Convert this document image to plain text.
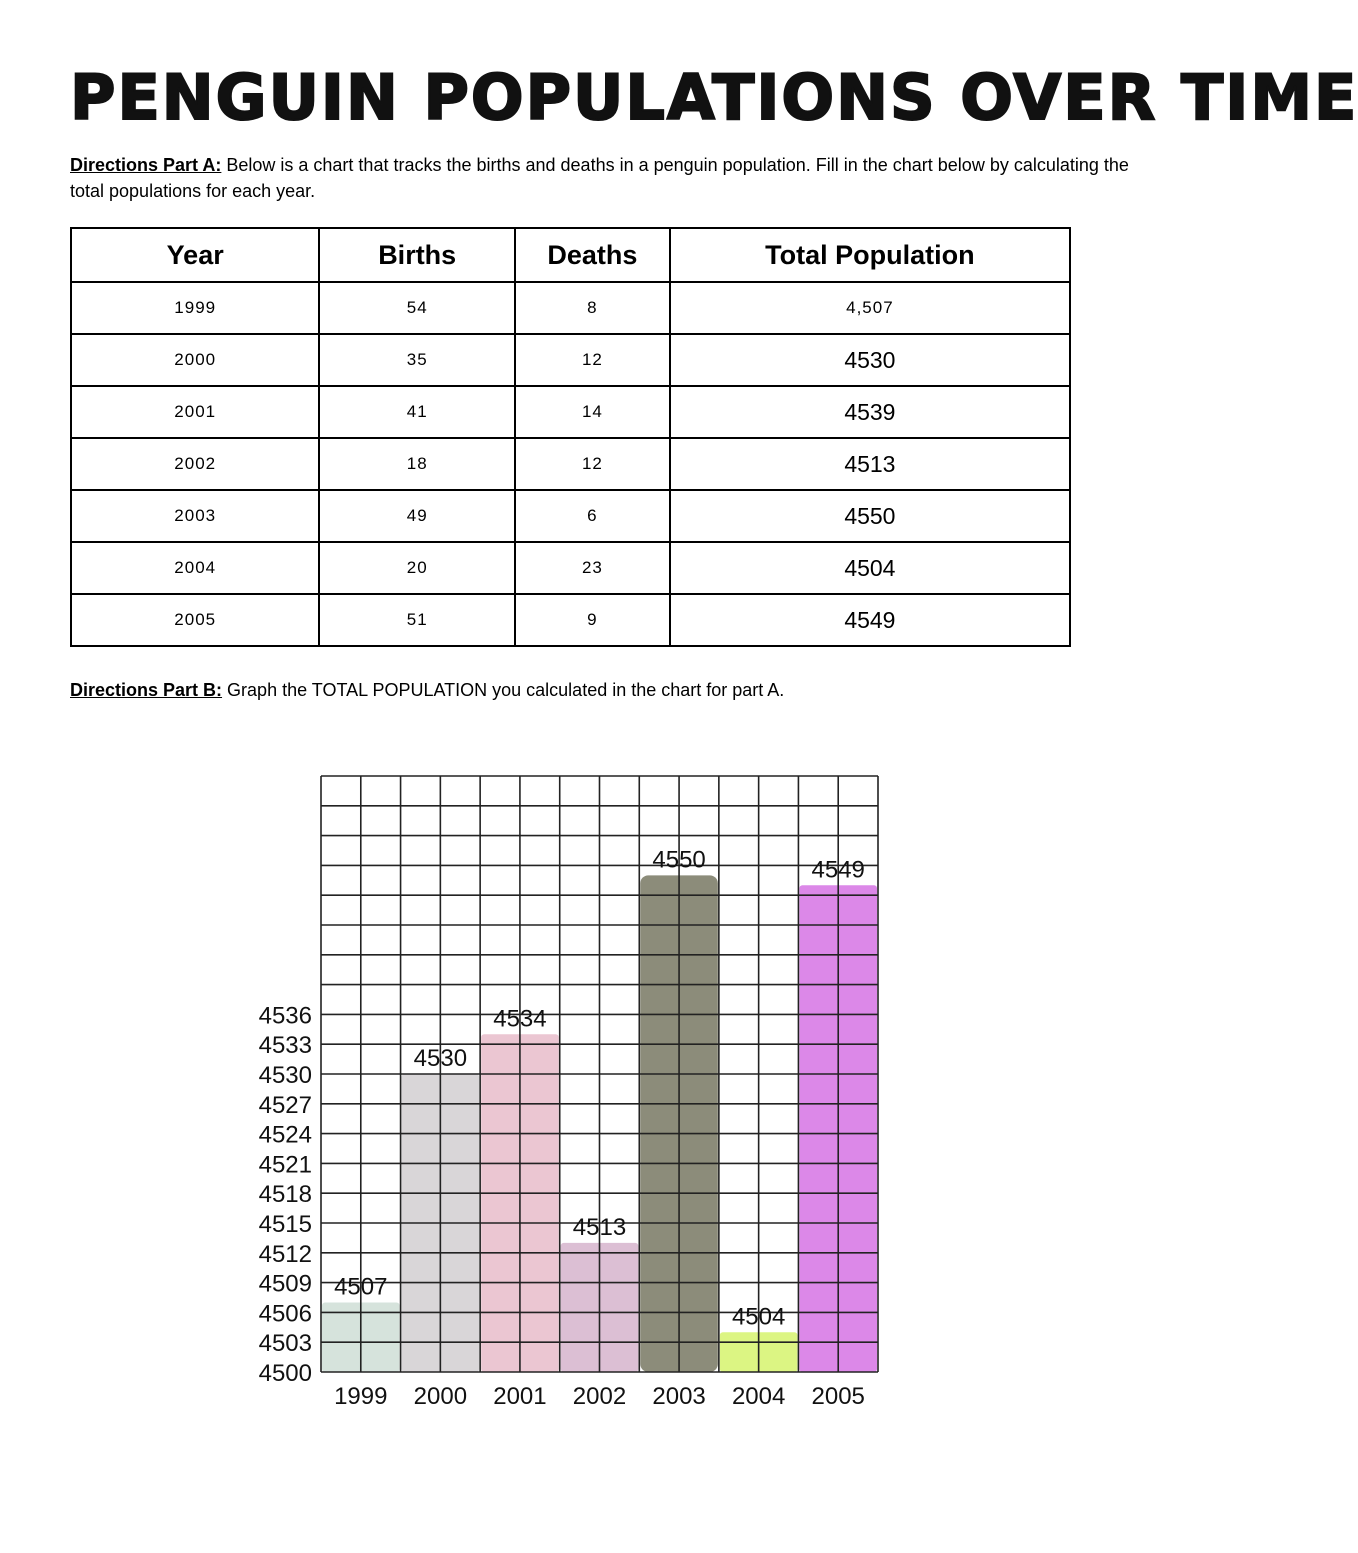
PENGUIN POPULATIONS OVER TIME
Directions Part A: Below is a chart that tracks the births and deaths in a penguin population. Fill in the chart below by calculating the total populations for each year.
Year	Births	Deaths	Total Population
1999	54	8	4,507
2000	35	12	4530
2001	41	14	4539
2002	18	12	4513
2003	49	6	4550
2004	20	23	4504
2005	51	9	4549
Directions Part B: Graph the TOTAL POPULATION you calculated in the chart for part A.
4500
4503
4506
4509
4512
4515
4518
4521
4524
4527
4530
4533
4536
1999 2000 2001 2002 2003 2004 2005
4507
4530
4534
4513
4550
4504
4549
